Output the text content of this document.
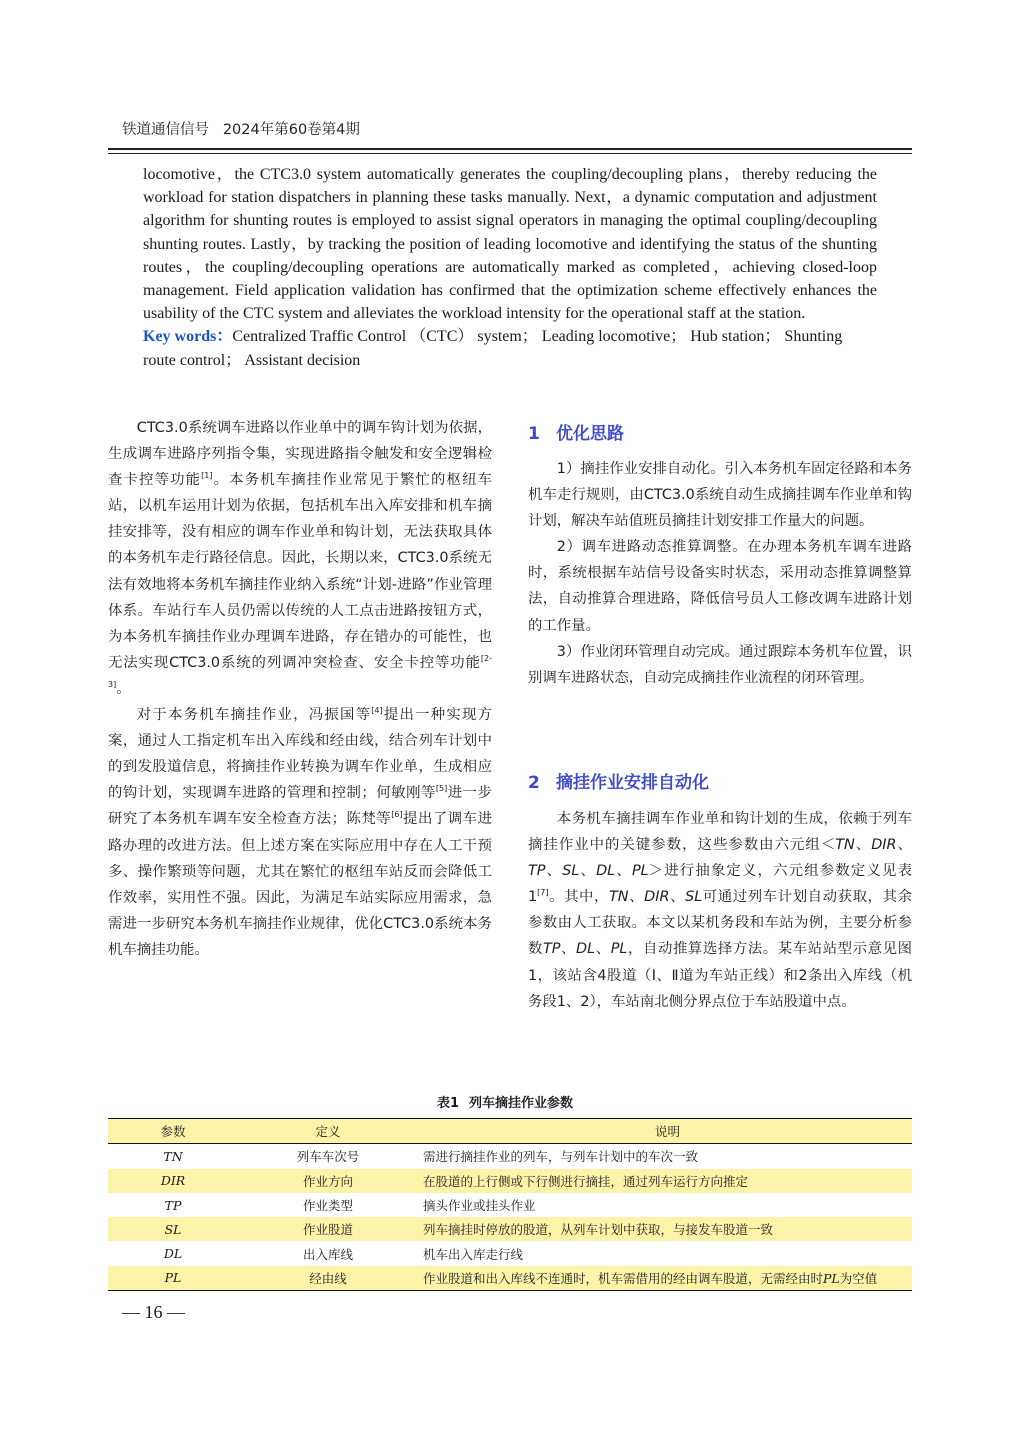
铁道通信信号 2024年第60卷第4期

locomotive，the CTC3.0 system automatically generates the coupling/decoupling plans，thereby reducing the workload for station dispatchers in planning these tasks manually. Next，a dynamic computation and adjustment algorithm for shunting routes is employed to assist signal operators in managing the optimal coupling/decoupling shunting routes. Lastly，by tracking the position of leading locomotive and identifying the status of the shunting routes，the coupling/decoupling operations are automatically marked as completed，achieving closed-loop management. Field application validation has confirmed that the optimization scheme effectively enhances the usability of the CTC system and alleviates the workload intensity for the operational staff at the station.

Key words：Centralized Traffic Control （CTC） system； Leading locomotive； Hub station； Shunting route control； Assistant decision

CTC3.0系统调车进路以作业单中的调车钩计划为依据，生成调车进路序列指令集，实现进路指令触发和安全逻辑检查卡控等功能[1]。本务机车摘挂作业常见于繁忙的枢纽车站，以机车运用计划为依据，包括机车出入库安排和机车摘挂安排等，没有相应的调车作业单和钩计划，无法获取具体的本务机车走行路径信息。因此，长期以来，CTC3.0系统无法有效地将本务机车摘挂作业纳入系统“计划-进路”作业管理体系。车站行车人员仍需以传统的人工点击进路按钮方式，为本务机车摘挂作业办理调车进路，存在错办的可能性，也无法实现CTC3.0系统的列调冲突检查、安全卡控等功能[2-3]。

对于本务机车摘挂作业，冯振国等[4]提出一种实现方案，通过人工指定机车出入库线和经由线，结合列车计划中的到发股道信息，将摘挂作业转换为调车作业单，生成相应的钩计划，实现调车进路的管理和控制；何敏刚等[5]进一步研究了本务机车调车安全检查方法；陈梵等[6]提出了调车进路办理的改进方法。但上述方案在实际应用中存在人工干预多、操作繁琐等问题，尤其在繁忙的枢纽车站反而会降低工作效率，实用性不强。因此，为满足车站实际应用需求，急需进一步研究本务机车摘挂作业规律，优化CTC3.0系统本务机车摘挂功能。

1 优化思路

1）摘挂作业安排自动化。引入本务机车固定径路和本务机车走行规则，由CTC3.0系统自动生成摘挂调车作业单和钩计划，解决车站值班员摘挂计划安排工作量大的问题。

2）调车进路动态推算调整。在办理本务机车调车进路时，系统根据车站信号设备实时状态，采用动态推算调整算法，自动推算合理进路，降低信号员人工修改调车进路计划的工作量。

3）作业闭环管理自动完成。通过跟踪本务机车位置，识别调车进路状态，自动完成摘挂作业流程的闭环管理。

2 摘挂作业安排自动化

本务机车摘挂调车作业单和钩计划的生成，依赖于列车摘挂作业中的关键参数，这些参数由六元组＜TN、DIR、TP、SL、DL、PL＞进行抽象定义，六元组参数定义见表1[7]。其中，TN、DIR、SL可通过列车计划自动获取，其余参数由人工获取。本文以某机务段和车站为例，主要分析参数TP、DL、PL，自动推算选择方法。某车站站型示意见图1，该站含4股道（Ⅰ、Ⅱ道为车站正线）和2条出入库线（机务段1、2），车站南北侧分界点位于车站股道中点。

表1 列车摘挂作业参数
参数	定义	说明
TN	列车车次号	需进行摘挂作业的列车，与列车计划中的车次一致
DIR	作业方向	在股道的上行侧或下行侧进行摘挂，通过列车运行方向推定
TP	作业类型	摘头作业或挂头作业
SL	作业股道	列车摘挂时停放的股道，从列车计划中获取，与接发车股道一致
DL	出入库线	机车出入库走行线
PL	经由线	作业股道和出入库线不连通时，机车需借用的经由调车股道，无需经由时PL为空值
— 16 —
